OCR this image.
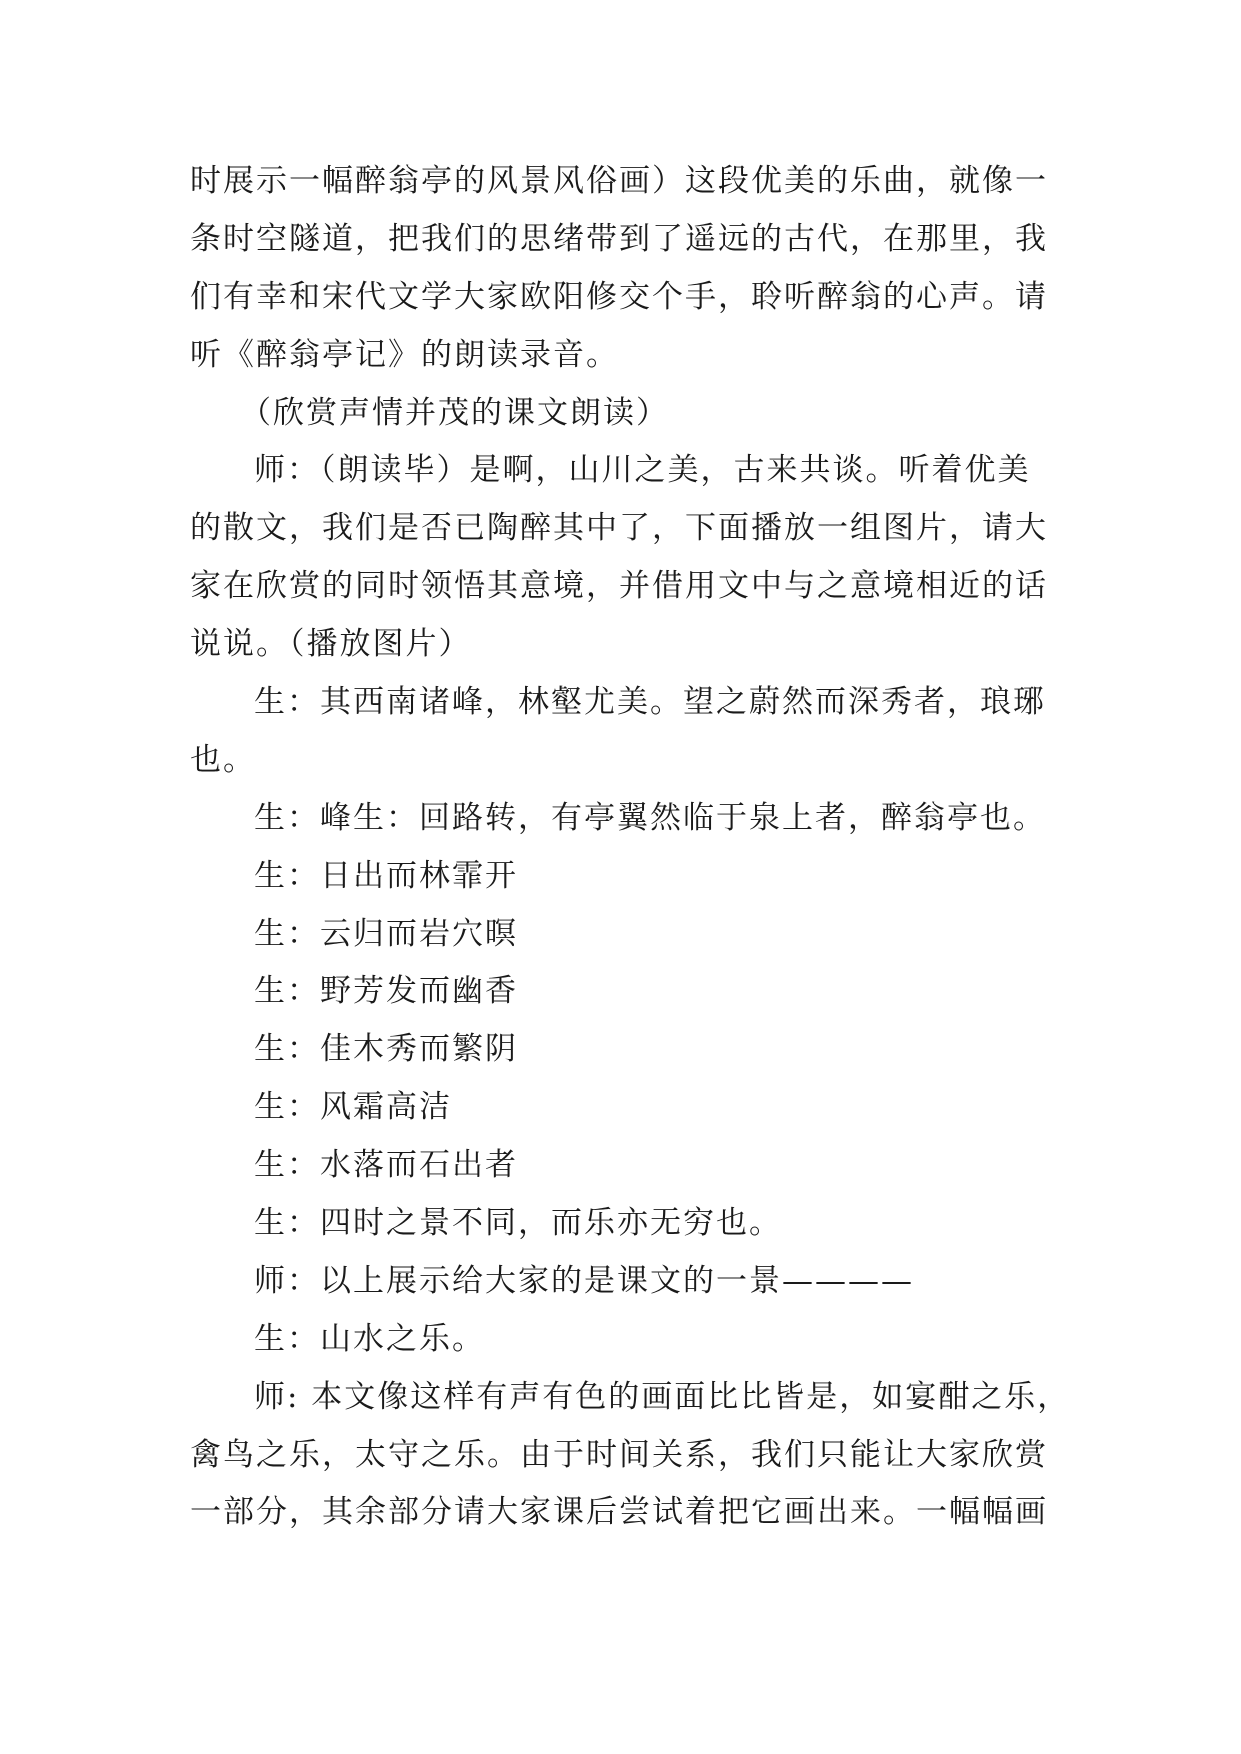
时展示一幅醉翁亭的风景风俗画）这段优美的乐曲，就像一
条时空隧道，把我们的思绪带到了遥远的古代，在那里，我
们有幸和宋代文学大家欧阳修交个手，聆听醉翁的心声。请
听《醉翁亭记》的朗读录音。
（欣赏声情并茂的课文朗读）
师：（朗读毕）是啊，山川之美，古来共谈。听着优美
的散文，我们是否已陶醉其中了，下面播放一组图片，请大
家在欣赏的同时领悟其意境，并借用文中与之意境相近的话
说说。（播放图片）
生：其西南诸峰，林壑尤美。望之蔚然而深秀者，琅琊
也。
生：峰生：回路转，有亭翼然临于泉上者，醉翁亭也。
生：日出而林霏开
生：云归而岩穴暝
生：野芳发而幽香
生：佳木秀而繁阴
生：风霜高洁
生：水落而石出者
生：四时之景不同，而乐亦无穷也。
师：以上展示给大家的是课文的一景————
生：山水之乐。
师: 本文像这样有声有色的画面比比皆是，如宴酣之乐，
禽鸟之乐，太守之乐。由于时间关系，我们只能让大家欣赏
一部分，其余部分请大家课后尝试着把它画出来。一幅幅画
